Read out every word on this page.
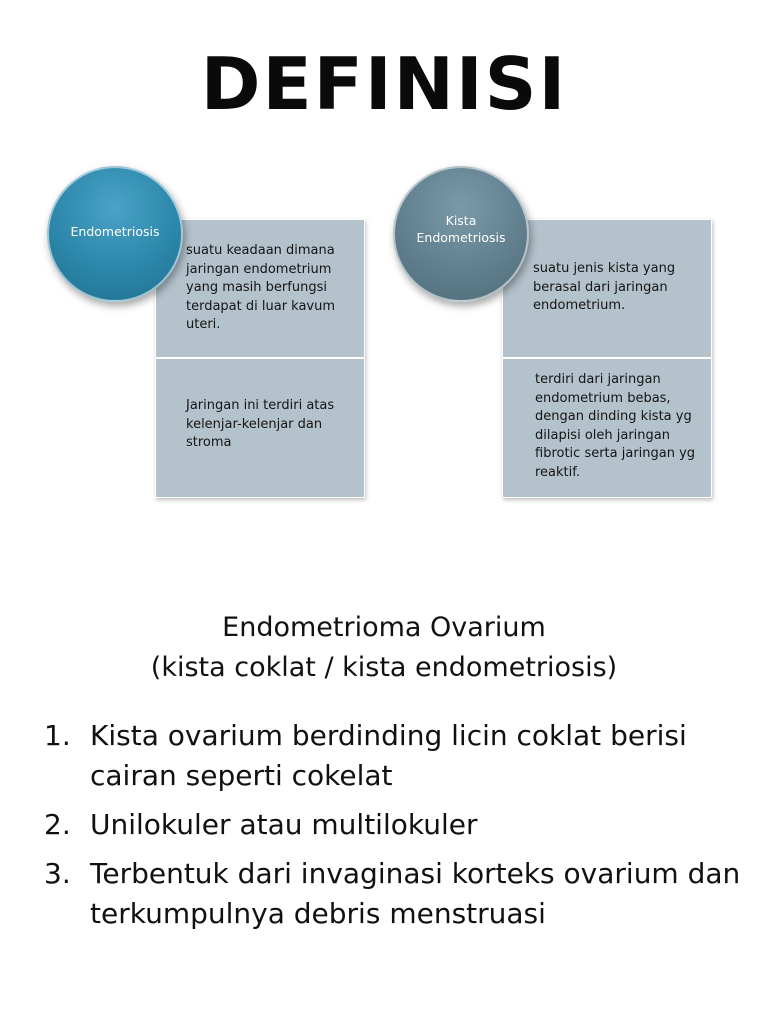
DEFINISI
suatu keadaan dimana jaringan endometrium yang masih berfungsi terdapat di luar kavum uteri.
Jaringan ini terdiri atas kelenjar-kelenjar dan stroma
Endometriosis
suatu jenis kista yang berasal dari jaringan endometrium.
terdiri dari jaringan endometrium bebas, dengan dinding kista yg dilapisi oleh jaringan fibrotic serta jaringan yg reaktif.
Kista
Endometriosis
Endometrioma Ovarium
(kista coklat / kista endometriosis)
1. Kista ovarium berdinding licin coklat berisi cairan seperti cokelat
2. Unilokuler atau multilokuler
3. Terbentuk dari invaginasi korteks ovarium dan terkumpulnya debris menstruasi
